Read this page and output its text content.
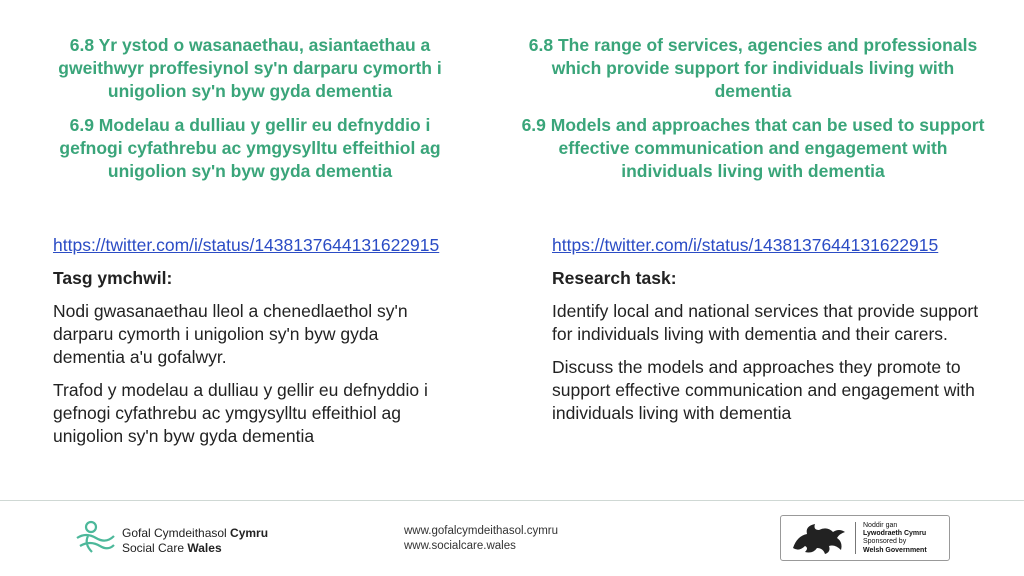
6.8 Yr ystod o wasanaethau, asiantaethau a gweithwyr proffesiynol sy'n darparu cymorth i unigolion sy'n byw gyda dementia

6.9 Modelau a dulliau y gellir eu defnyddio i gefnogi cyfathrebu ac ymgysylltu effeithiol ag unigolion sy'n byw gyda dementia

https://twitter.com/i/status/1438137644131622915
Tasg ymchwil:

Nodi gwasanaethau lleol a chenedlaethol sy'n darparu cymorth i unigolion sy'n byw gyda dementia a'u gofalwyr.

Trafod y modelau a dulliau y gellir eu defnyddio i gefnogi cyfathrebu ac ymgysylltu effeithiol ag unigolion sy'n byw gyda dementia

6.8 The range of services, agencies and professionals which provide support for individuals living with dementia

6.9 Models and approaches that can be used to support effective communication and engagement with individuals living with dementia

https://twitter.com/i/status/1438137644131622915
Research task:

Identify local and national services that provide support for individuals living with dementia and their carers.

Discuss the models and approaches they promote to support effective communication and engagement with individuals living with dementia

Gofal Cymdeithasol Cymru
Social Care Wales
www.gofalcymdeithasol.cymru
www.socialcare.wales
Noddir gan
Lywodraeth Cymru
Sponsored by
Welsh Government
